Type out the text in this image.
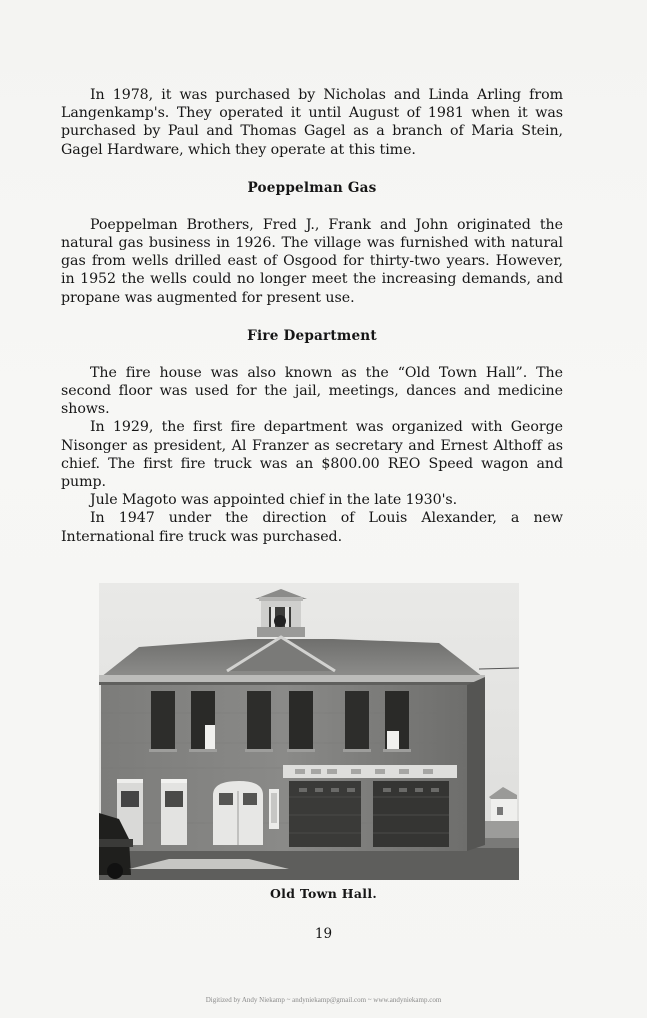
In 1978, it was purchased by Nicholas and Linda Arling from Langenkamp's. They operated it until August of 1981 when it was purchased by Paul and Thomas Gagel as a branch of Maria Stein, Gagel Hardware, which they operate at this time.

Poeppelman Gas

Poeppelman Brothers, Fred J., Frank and John originated the natural gas business in 1926. The village was furnished with natural gas from wells drilled east of Osgood for thirty-two years. However, in 1952 the wells could no longer meet the increasing demands, and propane was augmented for present use.

Fire Department

The fire house was also known as the “Old Town Hall”. The second floor was used for the jail, meetings, dances and medicine shows.

In 1929, the first fire department was organized with George Nisonger as president, Al Franzer as secretary and Ernest Althoff as chief. The first fire truck was an $800.00 REO Speed wagon and pump.

Jule Magoto was appointed chief in the late 1930's.

In 1947 under the direction of Louis Alexander, a new International fire truck was purchased.

Old Town Hall.
19
Digitized by Andy Niekamp ~ andyniekamp@gmail.com ~ www.andyniekamp.com
